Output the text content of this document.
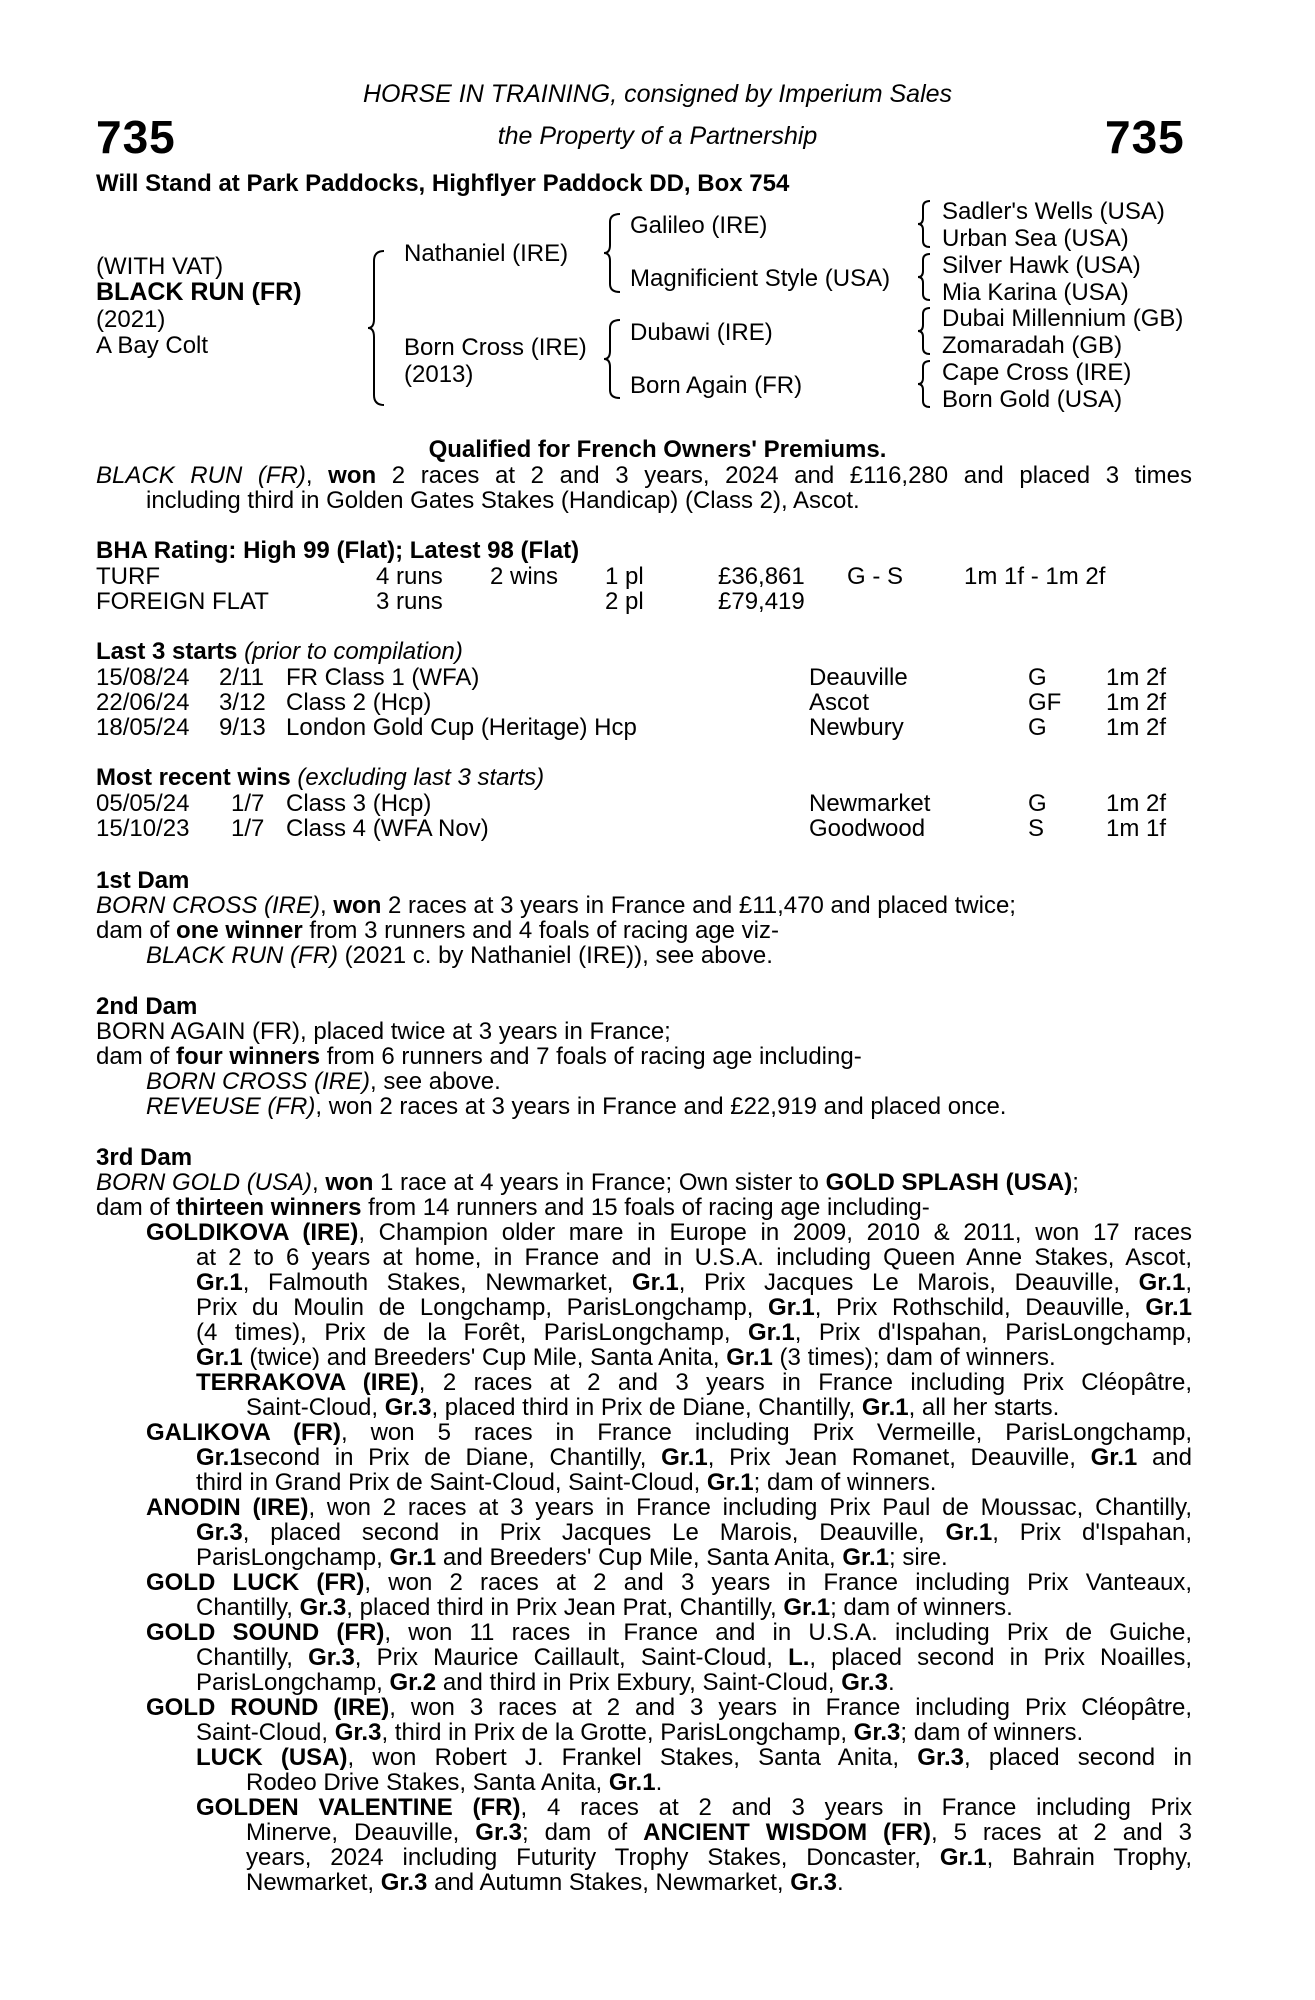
735	735
HORSE IN TRAINING, consigned by Imperium Sales
the Property of a Partnership
Will Stand at Park Paddocks, Highflyer Paddock DD, Box 754
(WITH VAT)
BLACK RUN (FR)
(2021)
A Bay Colt
Nathaniel (IRE)
Born Cross (IRE)
(2013)
Galileo (IRE)
Magnificient Style (USA)
Dubawi (IRE)
Born Again (FR)
Sadler's Wells (USA)
Urban Sea (USA)
Silver Hawk (USA)
Mia Karina (USA)
Dubai Millennium (GB)
Zomaradah (GB)
Cape Cross (IRE)
Born Gold (USA)
Qualified for French Owners' Premiums.
BLACK RUN (FR), won 2 races at 2 and 3 years, 2024 and £116,280 and placed 3 times
including third in Golden Gates Stakes (Handicap) (Class 2), Ascot.
BHA Rating: High 99 (Flat); Latest 98 (Flat)
TURF	4 runs 2 wins 1 pl	£36,861 G - S	1m 1f - 1m 2f
FOREIGN FLAT	3 runs	2 pl	£79,419
Last 3 starts (prior to compilation)
15/08/24 2/11 FR Class 1 (WFA)	Deauville	G 1m 2f
22/06/24 3/12 Class 2 (Hcp)	Ascot	GF 1m 2f
18/05/24 9/13 London Gold Cup (Heritage) Hcp	Newbury	G 1m 2f
Most recent wins (excluding last 3 starts)
05/05/24 1/7 Class 3 (Hcp)	Newmarket	G 1m 2f
15/10/23 1/7 Class 4 (WFA Nov)	Goodwood	S	1m 1f
1st Dam
BORN CROSS (IRE), won 2 races at 3 years in France and £11,470 and placed twice;
dam of one winner from 3 runners and 4 foals of racing age viz-
BLACK RUN (FR) (2021 c. by Nathaniel (IRE)), see above.
2nd Dam
BORN AGAIN (FR), placed twice at 3 years in France;
dam of four winners from 6 runners and 7 foals of racing age including-
BORN CROSS (IRE), see above.
REVEUSE (FR), won 2 races at 3 years in France and £22,919 and placed once.
3rd Dam
BORN GOLD (USA), won 1 race at 4 years in France; Own sister to GOLD SPLASH (USA);
dam of thirteen winners from 14 runners and 15 foals of racing age including-
GOLDIKOVA (IRE), Champion older mare in Europe in 2009, 2010 & 2011, won 17 races
at 2 to 6 years at home, in France and in U.S.A. including Queen Anne Stakes, Ascot,
Gr.1, Falmouth Stakes, Newmarket, Gr.1, Prix Jacques Le Marois, Deauville, Gr.1,
Prix du Moulin de Longchamp, ParisLongchamp, Gr.1, Prix Rothschild, Deauville, Gr.1
(4 times), Prix de la Forêt, ParisLongchamp, Gr.1, Prix d'Ispahan, ParisLongchamp,
Gr.1 (twice) and Breeders' Cup Mile, Santa Anita, Gr.1 (3 times); dam of winners.
TERRAKOVA (IRE), 2 races at 2 and 3 years in France including Prix Cléopâtre,
Saint-Cloud, Gr.3, placed third in Prix de Diane, Chantilly, Gr.1, all her starts.
GALIKOVA (FR), won 5 races in France including Prix Vermeille, ParisLongchamp,
Gr.1second in Prix de Diane, Chantilly, Gr.1, Prix Jean Romanet, Deauville, Gr.1 and
third in Grand Prix de Saint-Cloud, Saint-Cloud, Gr.1; dam of winners.
ANODIN (IRE), won 2 races at 3 years in France including Prix Paul de Moussac, Chantilly,
Gr.3, placed second in Prix Jacques Le Marois, Deauville, Gr.1, Prix d'Ispahan,
ParisLongchamp, Gr.1 and Breeders' Cup Mile, Santa Anita, Gr.1; sire.
GOLD LUCK (FR), won 2 races at 2 and 3 years in France including Prix Vanteaux,
Chantilly, Gr.3, placed third in Prix Jean Prat, Chantilly, Gr.1; dam of winners.
GOLD SOUND (FR), won 11 races in France and in U.S.A. including Prix de Guiche,
Chantilly, Gr.3, Prix Maurice Caillault, Saint-Cloud, L., placed second in Prix Noailles,
ParisLongchamp, Gr.2 and third in Prix Exbury, Saint-Cloud, Gr.3.
GOLD ROUND (IRE), won 3 races at 2 and 3 years in France including Prix Cléopâtre,
Saint-Cloud, Gr.3, third in Prix de la Grotte, ParisLongchamp, Gr.3; dam of winners.
LUCK (USA), won Robert J. Frankel Stakes, Santa Anita, Gr.3, placed second in
Rodeo Drive Stakes, Santa Anita, Gr.1.
GOLDEN VALENTINE (FR), 4 races at 2 and 3 years in France including Prix
Minerve, Deauville, Gr.3; dam of ANCIENT WISDOM (FR), 5 races at 2 and 3
years, 2024 including Futurity Trophy Stakes, Doncaster, Gr.1, Bahrain Trophy,
Newmarket, Gr.3 and Autumn Stakes, Newmarket, Gr.3.
